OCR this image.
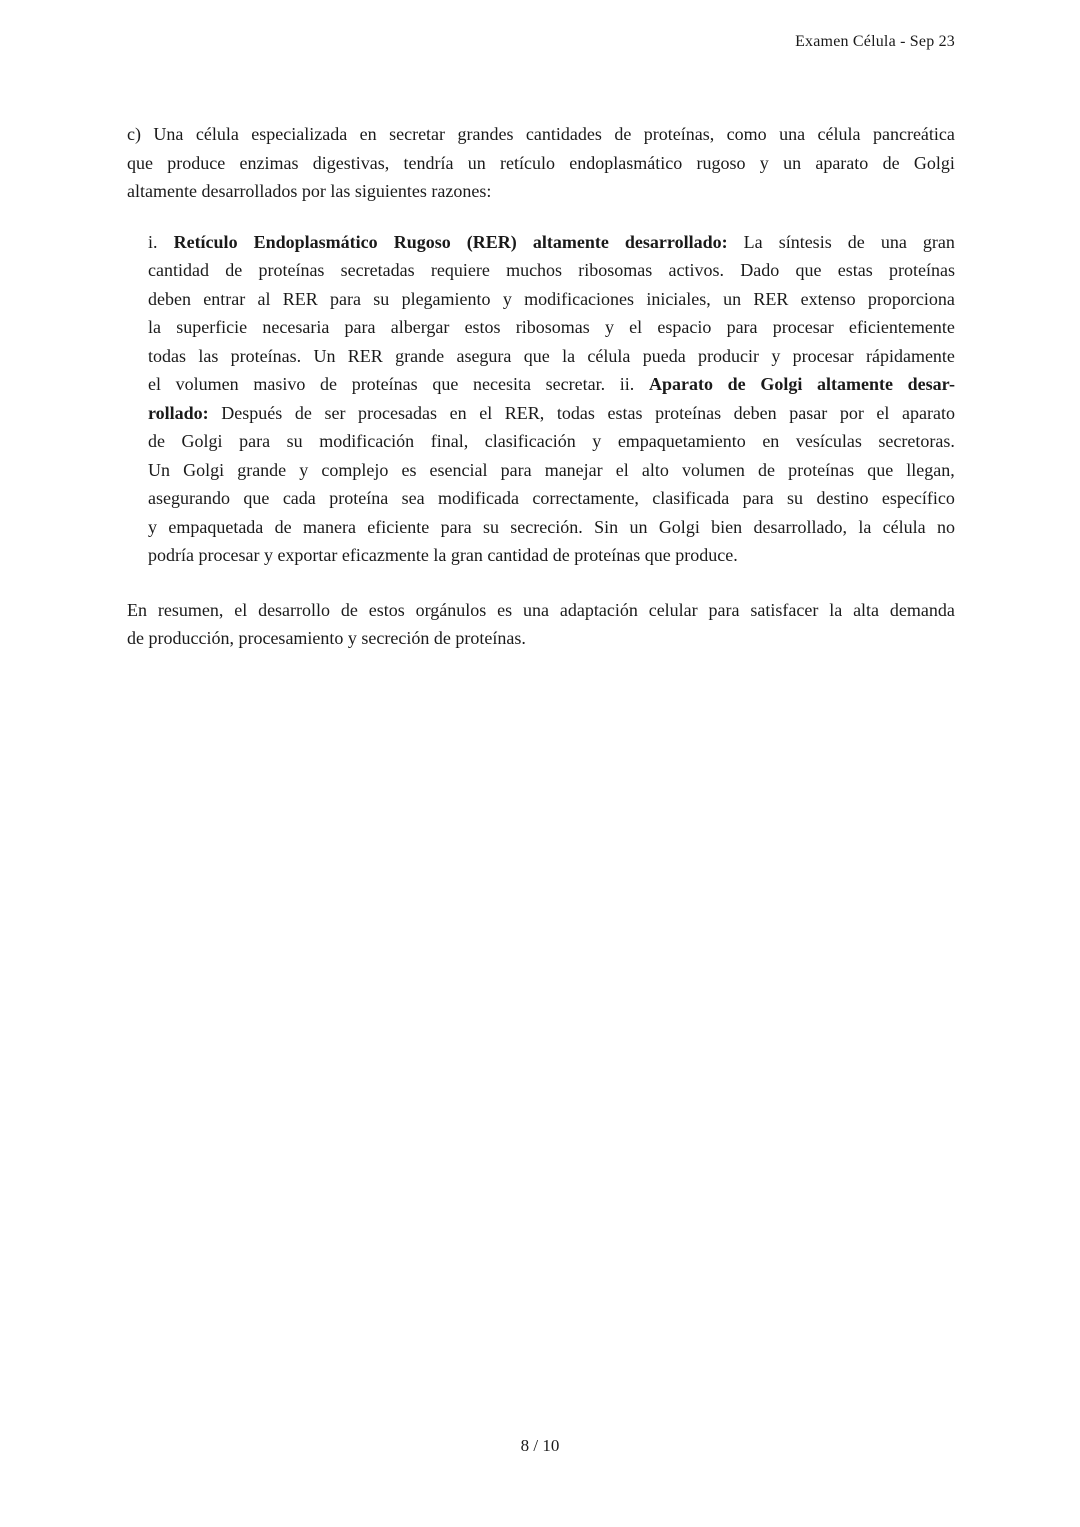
Examen Célula - Sep 23
c) Una célula especializada en secretar grandes cantidades de proteínas, como una célula pancreática
que produce enzimas digestivas, tendría un retículo endoplasmático rugoso y un aparato de Golgi
altamente desarrollados por las siguientes razones:
i. Retículo Endoplasmático Rugoso (RER) altamente desarrollado: La síntesis de una gran
cantidad de proteínas secretadas requiere muchos ribosomas activos. Dado que estas proteínas
deben entrar al RER para su plegamiento y modificaciones iniciales, un RER extenso proporciona
la superficie necesaria para albergar estos ribosomas y el espacio para procesar eficientemente
todas las proteínas. Un RER grande asegura que la célula pueda producir y procesar rápidamente
el volumen masivo de proteínas que necesita secretar. ii. Aparato de Golgi altamente desar-
rollado: Después de ser procesadas en el RER, todas estas proteínas deben pasar por el aparato
de Golgi para su modificación final, clasificación y empaquetamiento en vesículas secretoras.
Un Golgi grande y complejo es esencial para manejar el alto volumen de proteínas que llegan,
asegurando que cada proteína sea modificada correctamente, clasificada para su destino específico
y empaquetada de manera eficiente para su secreción. Sin un Golgi bien desarrollado, la célula no
podría procesar y exportar eficazmente la gran cantidad de proteínas que produce.
En resumen, el desarrollo de estos orgánulos es una adaptación celular para satisfacer la alta demanda
de producción, procesamiento y secreción de proteínas.
8 / 10
